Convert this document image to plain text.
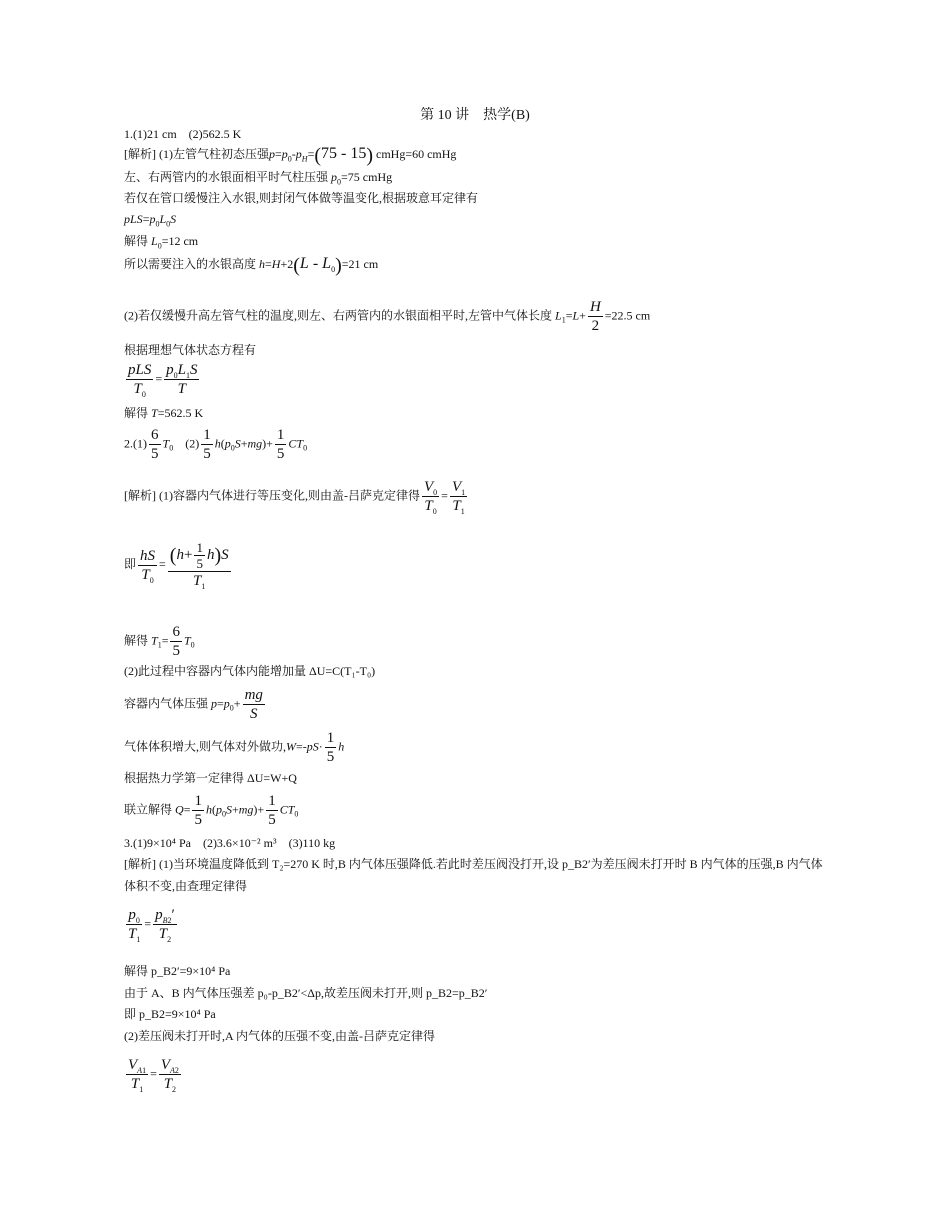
第 10 讲　热学(B)
1.(1)21 cm　(2)562.5 K
[解析] (1)左管气柱初态压强$p=p_0-p_H=(75 - 15)$ cmHg=60 cmHg
左、右两管内的水银面相平时气柱压强 $p_0=75$ cmHg
若仅在管口缓慢注入水银,则封闭气体做等温变化,根据玻意耳定律有
$pLS=p_0L_0S$
解得 $L_0=12$ cm
所以需要注入的水银高度 $h=H+2(L - L_0)=21$ cm
(2)若仅缓慢升高左管气柱的温度,则左、右两管内的水银面相平时,左管中气体长度 $L_1=L+ \frac{H}{2} =22.5$ cm
根据理想气体状态方程有
$\frac{\text{pLS}}{T_0} = \frac{p_0L_1S}{T}$
解得 T=562.5 K
$2.(1) \frac{6}{5} T_0$　 $(2) \frac{1}{5} h(p_0S+mg)+ \frac{1}{5} CT_0$
[解析] (1)容器内气体进行等压变化,则由盖-吕萨克定律得 $\frac{V_0}{T_0} = \frac{V_1}{T_1}$
即 $\frac{hS}{T_0} = \frac{(h+ \frac{1}{5} h)S}{T_1}$
解得 $T_1= \frac{6}{5} T_0$
(2)此过程中容器内气体内能增加量 ΔU=C(T₁-T₀)
容器内气体压强 $p=p_0+ \frac{mg}{S}$
气体体积增大,则气体对外做功$,W=-pS\cdot \frac{1}{5}$ h
根据热力学第一定律得 ΔU=W+Q
联立解得 $Q= \frac{1}{5} h(p_0S+mg)+ \frac{1}{5} CT_0$
3.(1)9×10⁴ Pa　(2)3.6×10⁻² m³　(3)110 kg
[解析] (1)当环境温度降低到 T₂=270 K 时,B 内气体压强降低.若此时差压阀没打开,设 p_B2′为差压阀未打开时 B 内气体的压强,B 内气体体积不变,由查理定律得
$\frac{p_0}{T_1} = \frac{p_{B2}'}{T_2}$
解得 p_B2′=9×10⁴ Pa
由于 A、B 内气体压强差 p₀-p_B2′<Δp,故差压阀未打开,则 p_B2=p_B2′
即 p_B2=9×10⁴ Pa
(2)差压阀未打开时,A 内气体的压强不变,由盖-吕萨克定律得
$\frac{V_{A1}}{T_1} = \frac{V_{A2}}{T_2}$
